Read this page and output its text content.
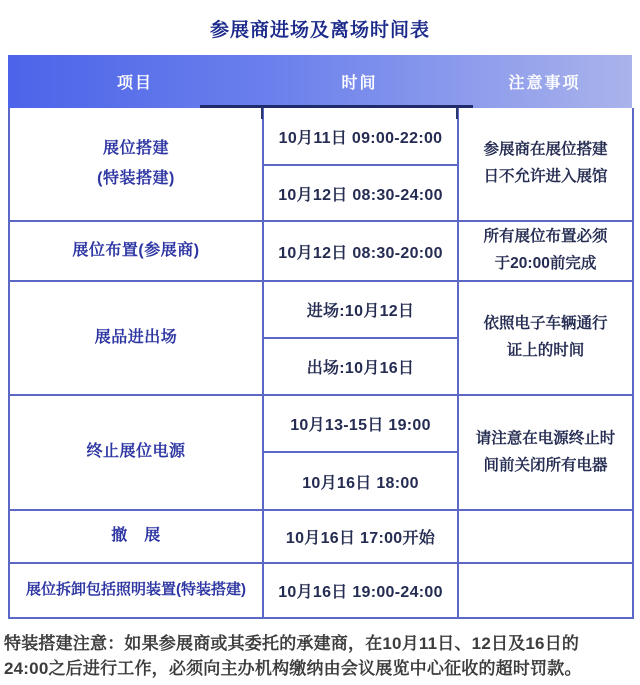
参展商进场及离场时间表
项目	时间	注意事项
展位搭建
(特装搭建)	10月11日 09:00-22:00	参展商在展位搭建
日不允许进入展馆

	10月12日 08:30-24:00	
展位布置(参展商)	10月12日 08:30-20:00	所有展位布置必须
于20:00前完成

展品进出场	进场:10月12日	依照电子车辆通行
证上的时间

	出场:10月16日	
终止展位电源	10月13-15日 19:00	请注意在电源终止时
间前关闭所有电器

	10月16日 18:00	
撤　展	10月16日 17:00开始	
展位拆卸包括照明装置(特装搭建)	10月16日 19:00-24:00	

特装搭建注意：如果参展商或其委托的承建商，在10月11日、12日及16日的
24:00之后进行工作，必须向主办机构缴纳由会议展览中心征收的超时罚款。
